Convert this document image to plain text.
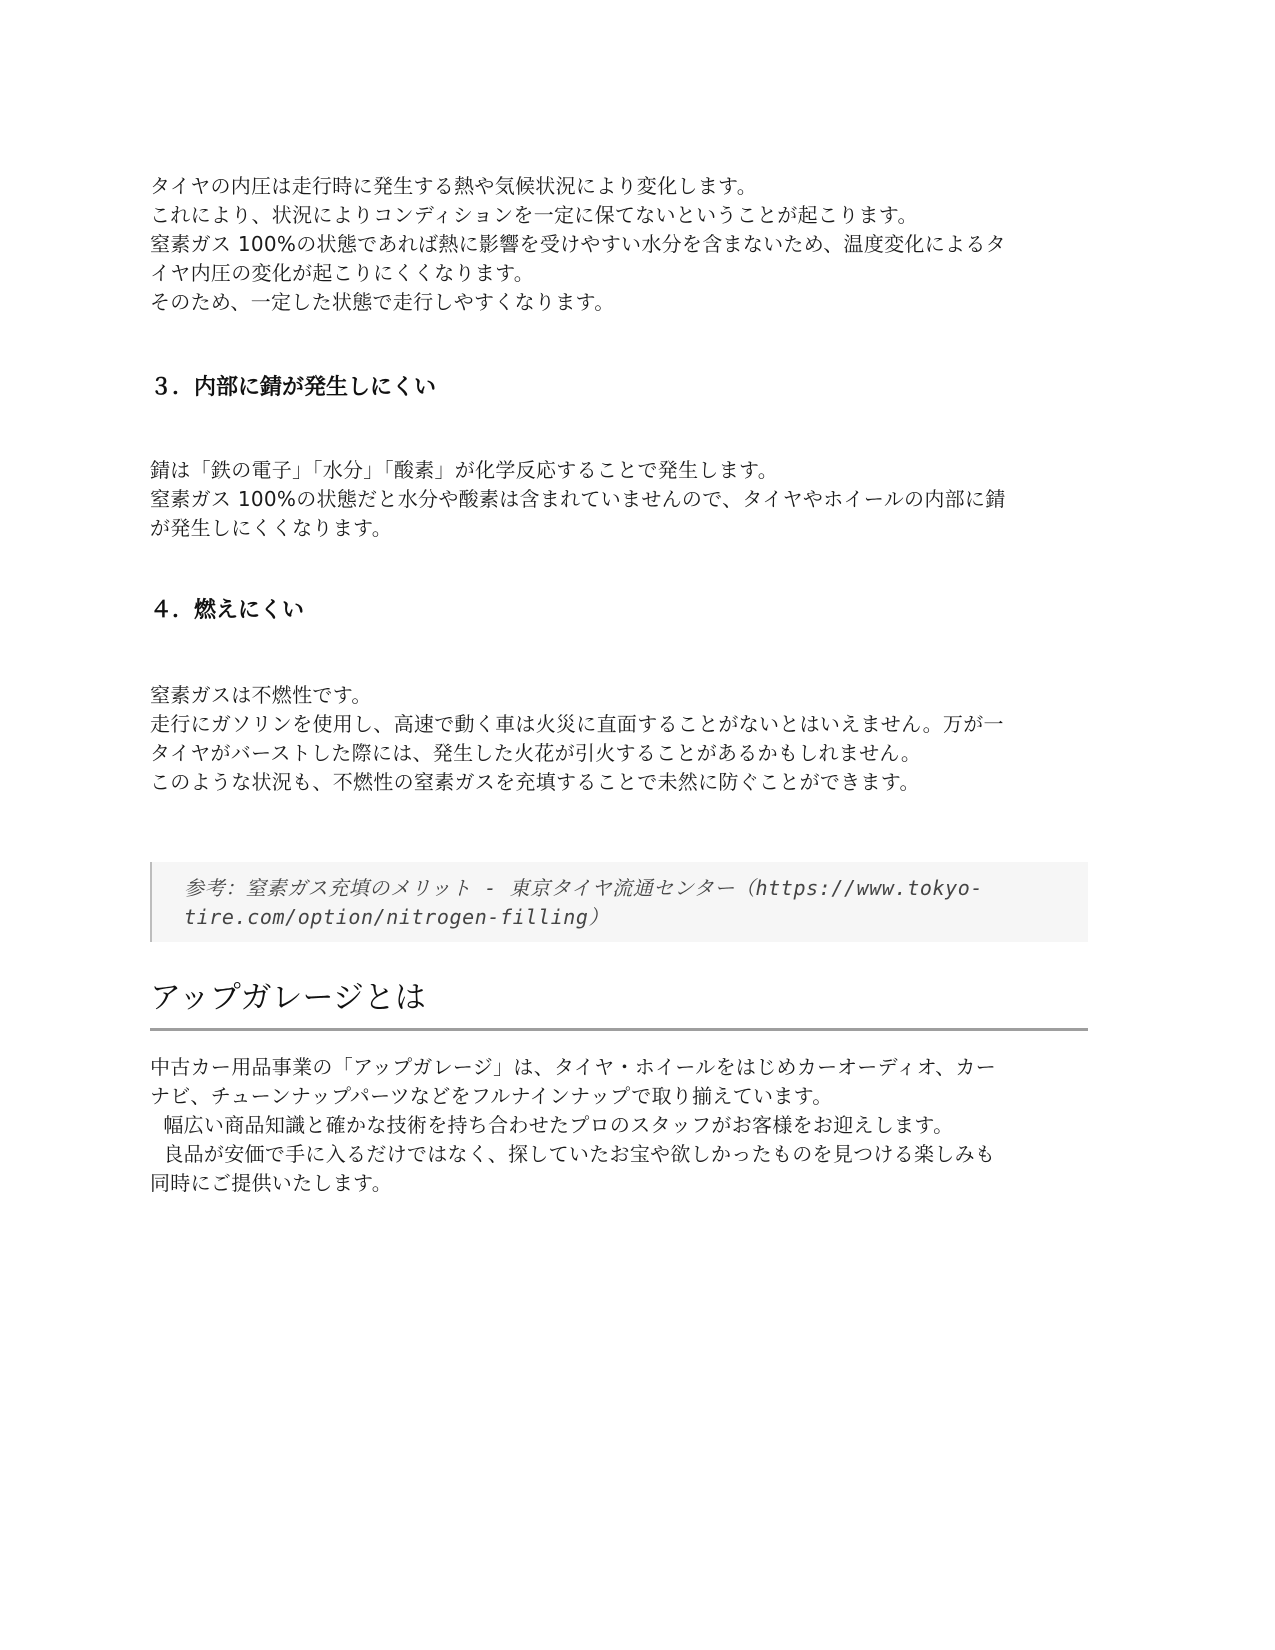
タイヤの内圧は走行時に発生する熱や気候状況により変化します。

これにより、状況によりコンディションを一定に保てないということが起こります。

窒素ガス 100%の状態であれば熱に影響を受けやすい水分を含まないため、温度変化によるタ

イヤ内圧の変化が起こりにくくなります。

そのため、一定した状態で走行しやすくなります。

３．内部に錆が発生しにくい

錆は「鉄の電子」「水分」「酸素」が化学反応することで発生します。

窒素ガス 100%の状態だと水分や酸素は含まれていませんので、タイヤやホイールの内部に錆

が発生しにくくなります。

４．燃えにくい

窒素ガスは不燃性です。

走行にガソリンを使用し、高速で動く車は火災に直面することがないとはいえません。万が一

タイヤがバーストした際には、発生した火花が引火することがあるかもしれません。

このような状況も、不燃性の窒素ガスを充填することで未然に防ぐことができます。

参考：窒素ガス充填のメリット - 東京タイヤ流通センター（https://www.tokyo-
tire.com/option/nitrogen-filling）
アップガレージとは

中古カー用品事業の「アップガレージ」は、タイヤ・ホイールをはじめカーオーディオ、カー

ナビ、チューンナップパーツなどをフルナインナップで取り揃えています。

幅広い商品知識と確かな技術を持ち合わせたプロのスタッフがお客様をお迎えします。

良品が安価で手に入るだけではなく、探していたお宝や欲しかったものを見つける楽しみも

同時にご提供いたします。
